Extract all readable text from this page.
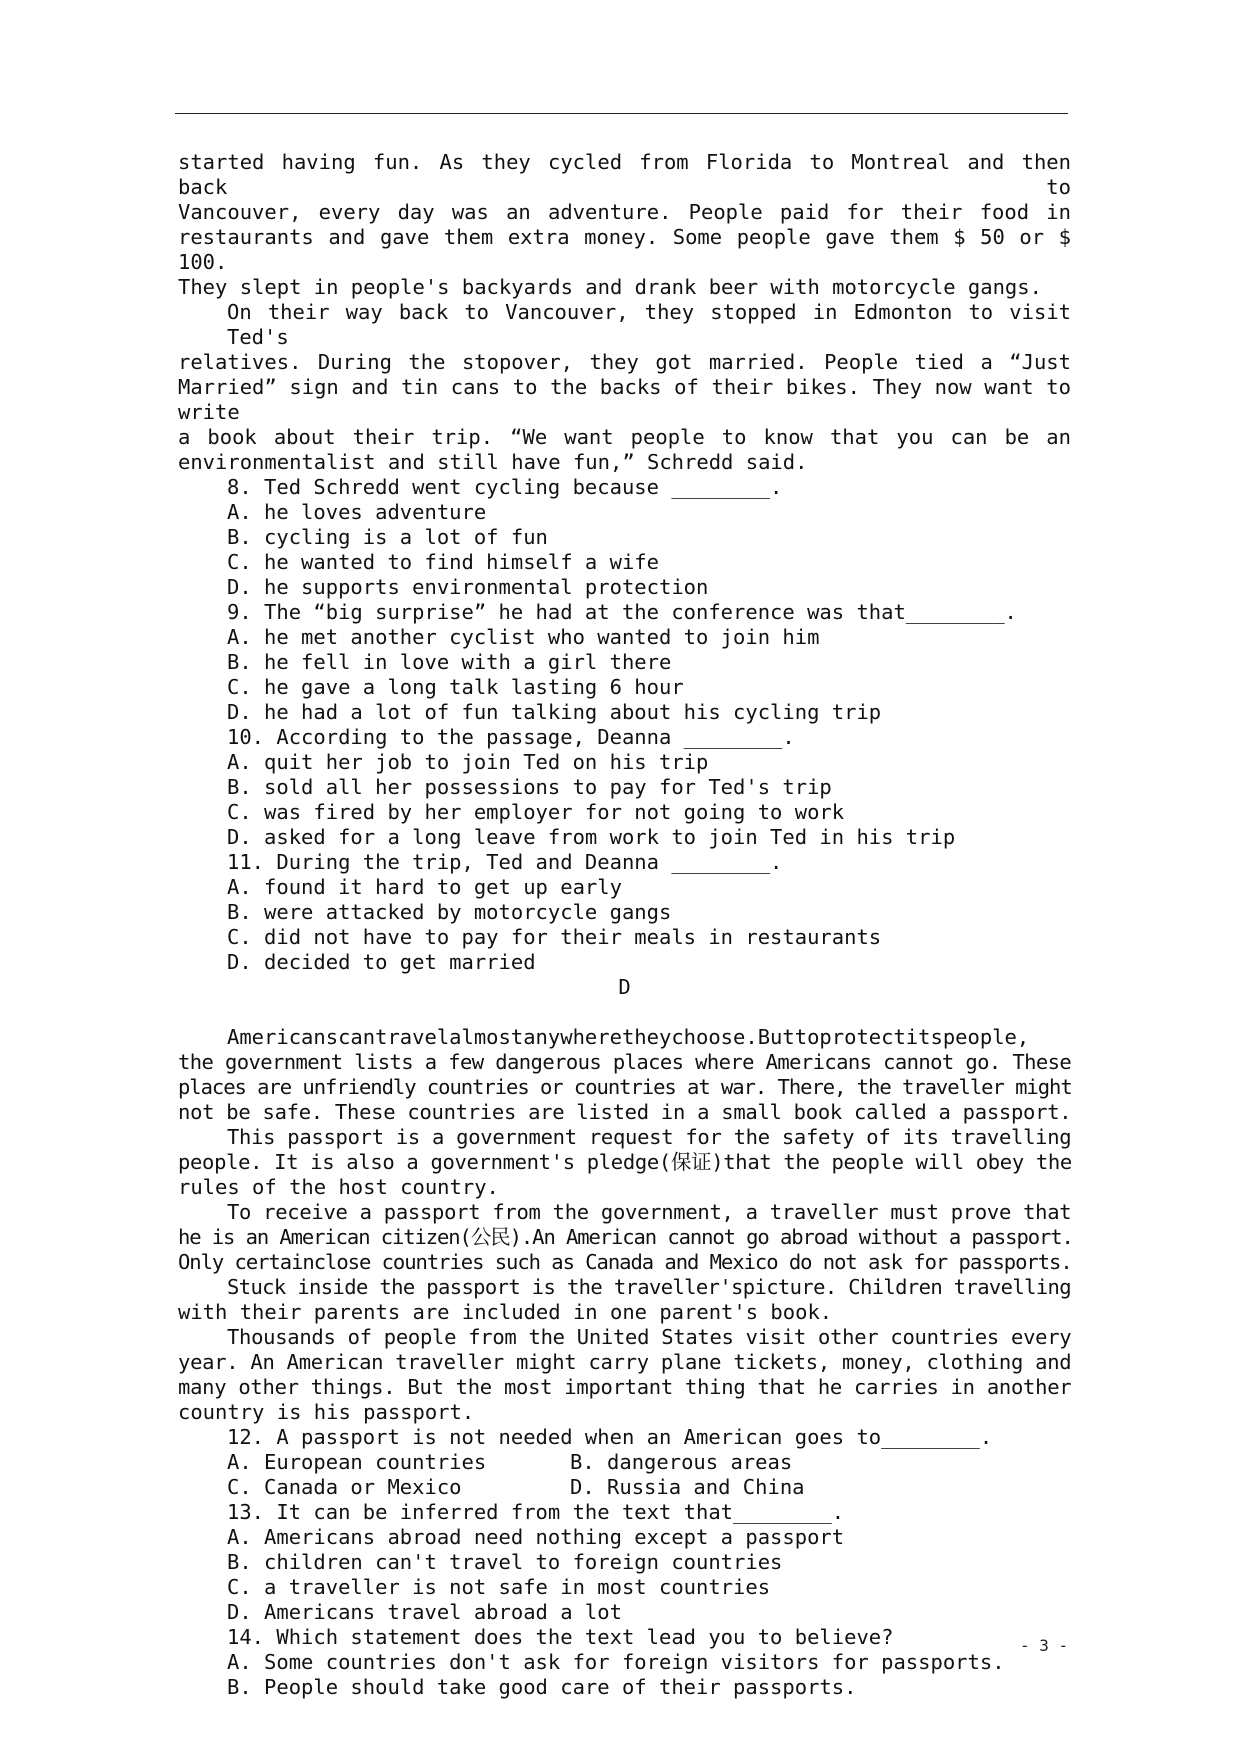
started having fun. As they cycled from Florida to Montreal and then back to
Vancouver, every day was an adventure. People paid for their food in
restaurants and gave them extra money. Some people gave them $ 50 or $ 100.
They slept in people's backyards and drank beer with motorcycle gangs.
On their way back to Vancouver, they stopped in Edmonton to visit Ted's
relatives. During the stopover, they got married. People tied a “Just
Married” sign and tin cans to the backs of their bikes. They now want to write
a book about their trip. “We want people to know that you can be an
environmentalist and still have fun,” Schredd said.
8. Ted Schredd went cycling because ________.
A. he loves adventure
B. cycling is a lot of fun
C. he wanted to find himself a wife
D. he supports environmental protection
9. The “big surprise” he had at the conference was that________.
A. he met another cyclist who wanted to join him
B. he fell in love with a girl there
C. he gave a long talk lasting 6 hour
D. he had a lot of fun talking about his cycling trip
10. According to the passage, Deanna ________.
A. quit her job to join Ted on his trip
B. sold all her possessions to pay for Ted's trip
C. was fired by her employer for not going to work
D. asked for a long leave from work to join Ted in his trip
11. During the trip, Ted and Deanna ________.
A. found it hard to get up early
B. were attacked by motorcycle gangs
C. did not have to pay for their meals in restaurants
D. decided to get married
D
Americanscantravelalmostanywheretheychoose.Buttoprotectitspeople,
the government lists a few dangerous places where Americans cannot go. These
places are unfriendly countries or countries at war. There, the traveller might
not be safe. These countries are listed in a small book called a passport.
This passport is a government request for the safety of its travelling
people. It is also a government's pledge(保证)that the people will obey the
rules of the host country.
To receive a passport from the government, a traveller must prove that
he is an American citizen(公民).An American cannot go abroad without a passport.
Only certainclose countries such as Canada and Mexico do not ask for passports.
Stuck inside the passport is the traveller'spicture. Children travelling
with their parents are included in one parent's book.
Thousands of people from the United States visit other countries every
year. An American traveller might carry plane tickets, money, clothing and
many other things. But the most important thing that he carries in another
country is his passport.
12. A passport is not needed when an American goes to________.
A. European countries	B. dangerous areas
C. Canada or Mexico	D. Russia and China
13. It can be inferred from the text that________.
A. Americans abroad need nothing except a passport
B. children can't travel to foreign countries
C. a traveller is not safe in most countries
D. Americans travel abroad a lot
14. Which statement does the text lead you to believe?
A. Some countries don't ask for foreign visitors for passports.
B. People should take good care of their passports.
- 3 -
